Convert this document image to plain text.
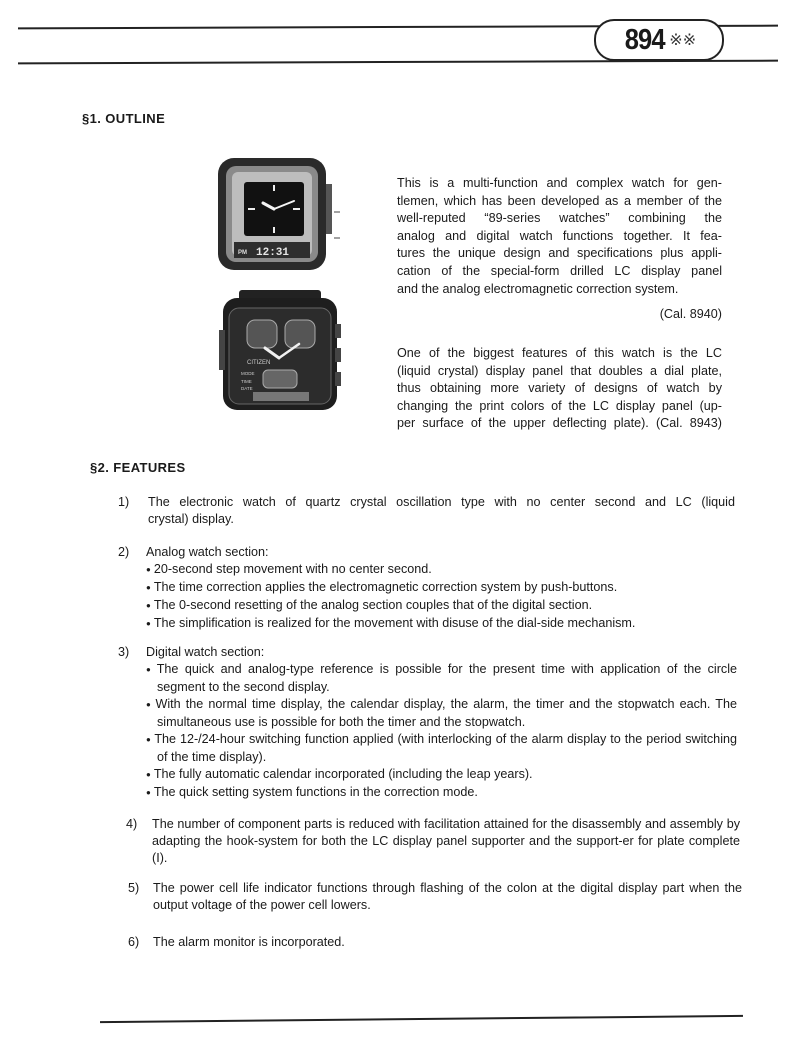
894 ※※
§1. OUTLINE
PM 12:31
CITIZEN
MODE
TIME
DATE
This is a multi-function and complex watch for gen-
tlemen, which has been developed as a member of the
well-reputed  “89-series  watches”  combining  the
analog and digital watch functions together. It fea-
tures the unique design and specifications plus appli-
cation of the special-form drilled LC display panel
and the analog electromagnetic correction system.
(Cal. 8940)
One of the biggest features of this watch is the LC
(liquid crystal) display panel that doubles a dial plate,
thus obtaining more variety of designs of watch by
changing the print colors of the LC display panel (up-
per surface of the upper deflecting plate). (Cal. 8943)
§2. FEATURES
1) The electronic watch of quartz crystal oscillation type with no center second and LC (liquid
crystal) display.
2) Analog watch section:
● 20-second step movement with no center second.
● The time correction applies the electromagnetic correction system by push-buttons.
● The 0-second resetting of the analog section couples that of the digital section.
● The simplification is realized for the movement with disuse of the dial-side mechanism.
3) Digital watch section:
● The quick and analog-type reference is possible for the present time with application of the circle segment to the second display.
● With the normal time display, the calendar display, the alarm, the timer and the stopwatch each. The simultaneous use is possible for both the timer and the stopwatch.
● The 12-/24-hour switching function applied (with interlocking of the alarm display to the period switching of the time display).
● The fully automatic calendar incorporated (including the leap years).
● The quick setting system functions in the correction mode.
4) The number of component parts is reduced with facilitation attained for the disassembly and assembly by adapting the hook-system for both the LC display panel supporter and the support-er for plate complete (I).
5) The power cell life indicator functions through flashing of the colon at the digital display part when the output voltage of the power cell lowers.
6) The alarm monitor is incorporated.
